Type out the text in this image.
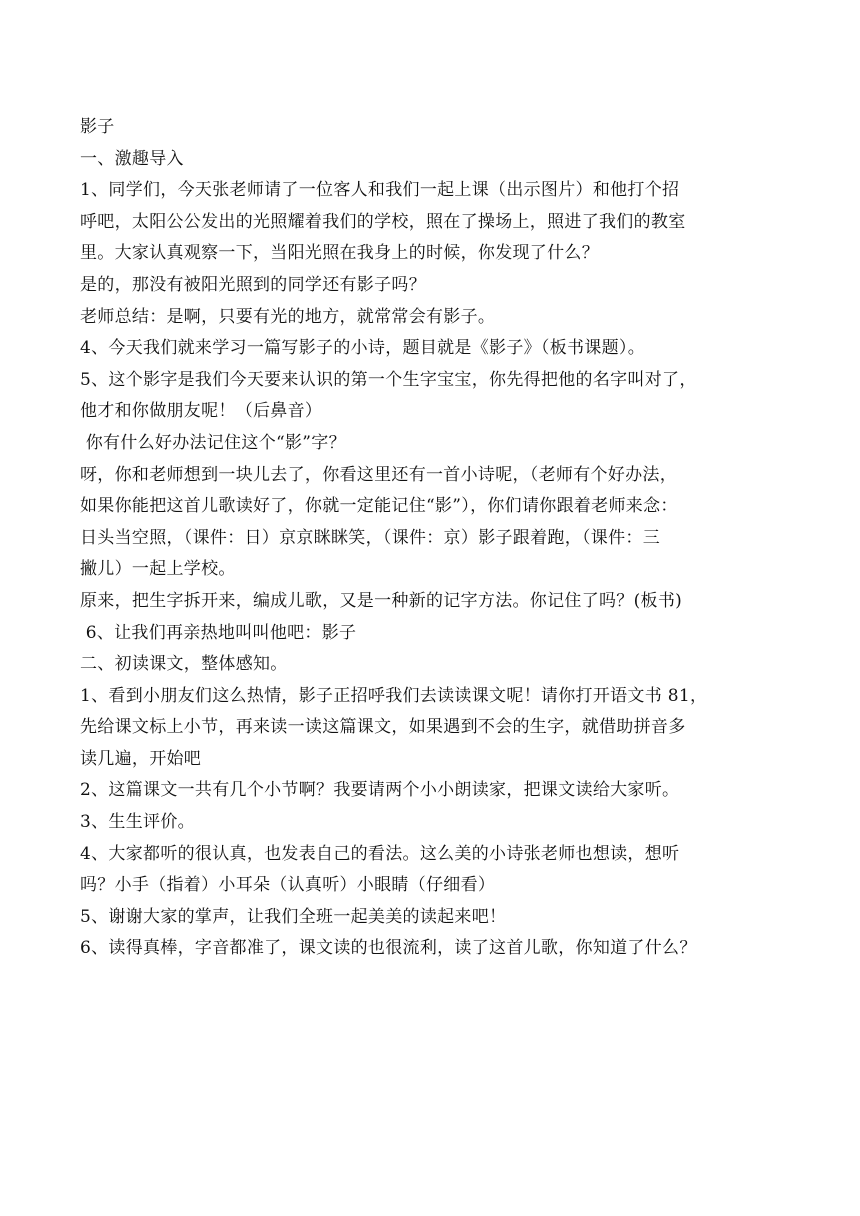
影子
一、激趣导入
1、同学们，今天张老师请了一位客人和我们一起上课（出示图片）和他打个招
呼吧，太阳公公发出的光照耀着我们的学校，照在了操场上，照进了我们的教室
里。大家认真观察一下，当阳光照在我身上的时候，你发现了什么？
是的，那没有被阳光照到的同学还有影子吗？
老师总结：是啊，只要有光的地方，就常常会有影子。
4、今天我们就来学习一篇写影子的小诗，题目就是《影子》（板书课题）。
5、这个影字是我们今天要来认识的第一个生字宝宝，你先得把他的名字叫对了，
他才和你做朋友呢！（后鼻音）
你有什么好办法记住这个“影”字？
呀，你和老师想到一块儿去了，你看这里还有一首小诗呢，（老师有个好办法，
如果你能把这首儿歌读好了，你就一定能记住“影”），你们请你跟着老师来念：
日头当空照，（课件：日）京京眯眯笑，（课件：京）影子跟着跑，（课件：三
撇儿）一起上学校。
原来，把生字拆开来，编成儿歌，又是一种新的记字方法。你记住了吗？(板书)
6、让我们再亲热地叫叫他吧：影子
二、初读课文，整体感知。
1、看到小朋友们这么热情，影子正招呼我们去读读课文呢！请你打开语文书 81，
先给课文标上小节，再来读一读这篇课文，如果遇到不会的生字，就借助拼音多
读几遍，开始吧
2、这篇课文一共有几个小节啊？我要请两个小小朗读家，把课文读给大家听。
3、生生评价。
4、大家都听的很认真，也发表自己的看法。这么美的小诗张老师也想读，想听
吗？小手（指着）小耳朵（认真听）小眼睛（仔细看）
5、谢谢大家的掌声，让我们全班一起美美的读起来吧！
6、读得真棒，字音都准了，课文读的也很流利，读了这首儿歌，你知道了什么？
